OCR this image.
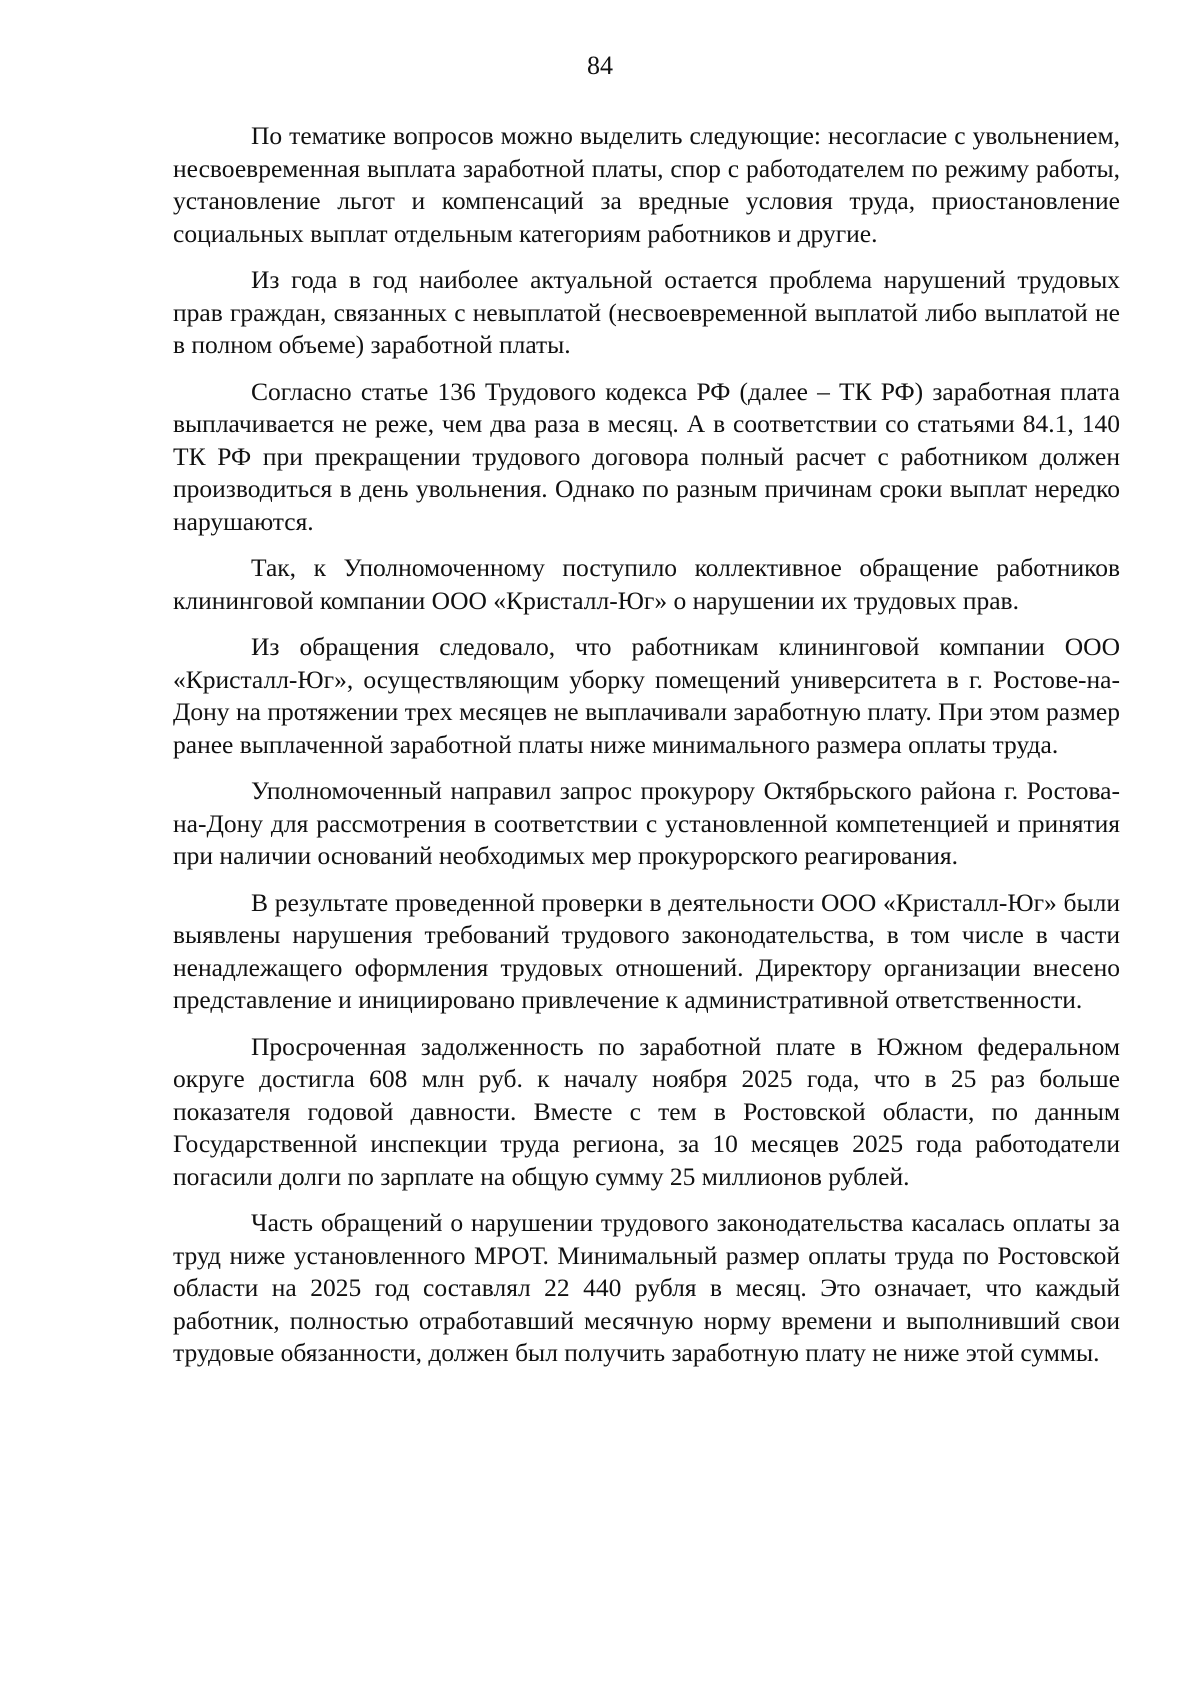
84

По тематике вопросов можно выделить следующие: несогласие с увольнением, несвоевременная выплата заработной платы, спор с работодателем по режиму работы, установление льгот и компенсаций за вредные условия труда, приостановление социальных выплат отдельным категориям работников и другие.

Из года в год наиболее актуальной остается проблема нарушений трудовых прав граждан, связанных с невыплатой (несвоевременной выплатой либо выплатой не в полном объеме) заработной платы.

Согласно статье 136 Трудового кодекса РФ (далее – ТК РФ) заработная плата выплачивается не реже, чем два раза в месяц. А в соответствии со статьями 84.1, 140 ТК РФ при прекращении трудового договора полный расчет с работником должен производиться в день увольнения. Однако по разным причинам сроки выплат нередко нарушаются.

Так, к Уполномоченному поступило коллективное обращение работников клининговой компании ООО «Кристалл-Юг» о нарушении их трудовых прав.

Из обращения следовало, что работникам клининговой компании ООО «Кристалл-Юг», осуществляющим уборку помещений университета в г. Ростове-на-Дону на протяжении трех месяцев не выплачивали заработную плату. При этом размер ранее выплаченной заработной платы ниже минимального размера оплаты труда.

Уполномоченный направил запрос прокурору Октябрьского района г. Ростова-на-Дону для рассмотрения в соответствии с установленной компетенцией и принятия при наличии оснований необходимых мер прокурорского реагирования.

В результате проведенной проверки в деятельности ООО «Кристалл-Юг» были выявлены нарушения требований трудового законодательства, в том числе в части ненадлежащего оформления трудовых отношений. Директору организации внесено представление и инициировано привлечение к административной ответственности.

Просроченная задолженность по заработной плате в Южном федеральном округе достигла 608 млн руб. к началу ноября 2025 года, что в 25 раз больше показателя годовой давности. Вместе с тем в Ростовской области, по данным Государственной инспекции труда региона, за 10 месяцев 2025 года работодатели погасили долги по зарплате на общую сумму 25 миллионов рублей.

Часть обращений о нарушении трудового законодательства касалась оплаты за труд ниже установленного МРОТ. Минимальный размер оплаты труда по Ростовской области на 2025 год составлял 22 440 рубля в месяц. Это означает, что каждый работник, полностью отработавший месячную норму времени и выполнивший свои трудовые обязанности, должен был получить заработную плату не ниже этой суммы.
